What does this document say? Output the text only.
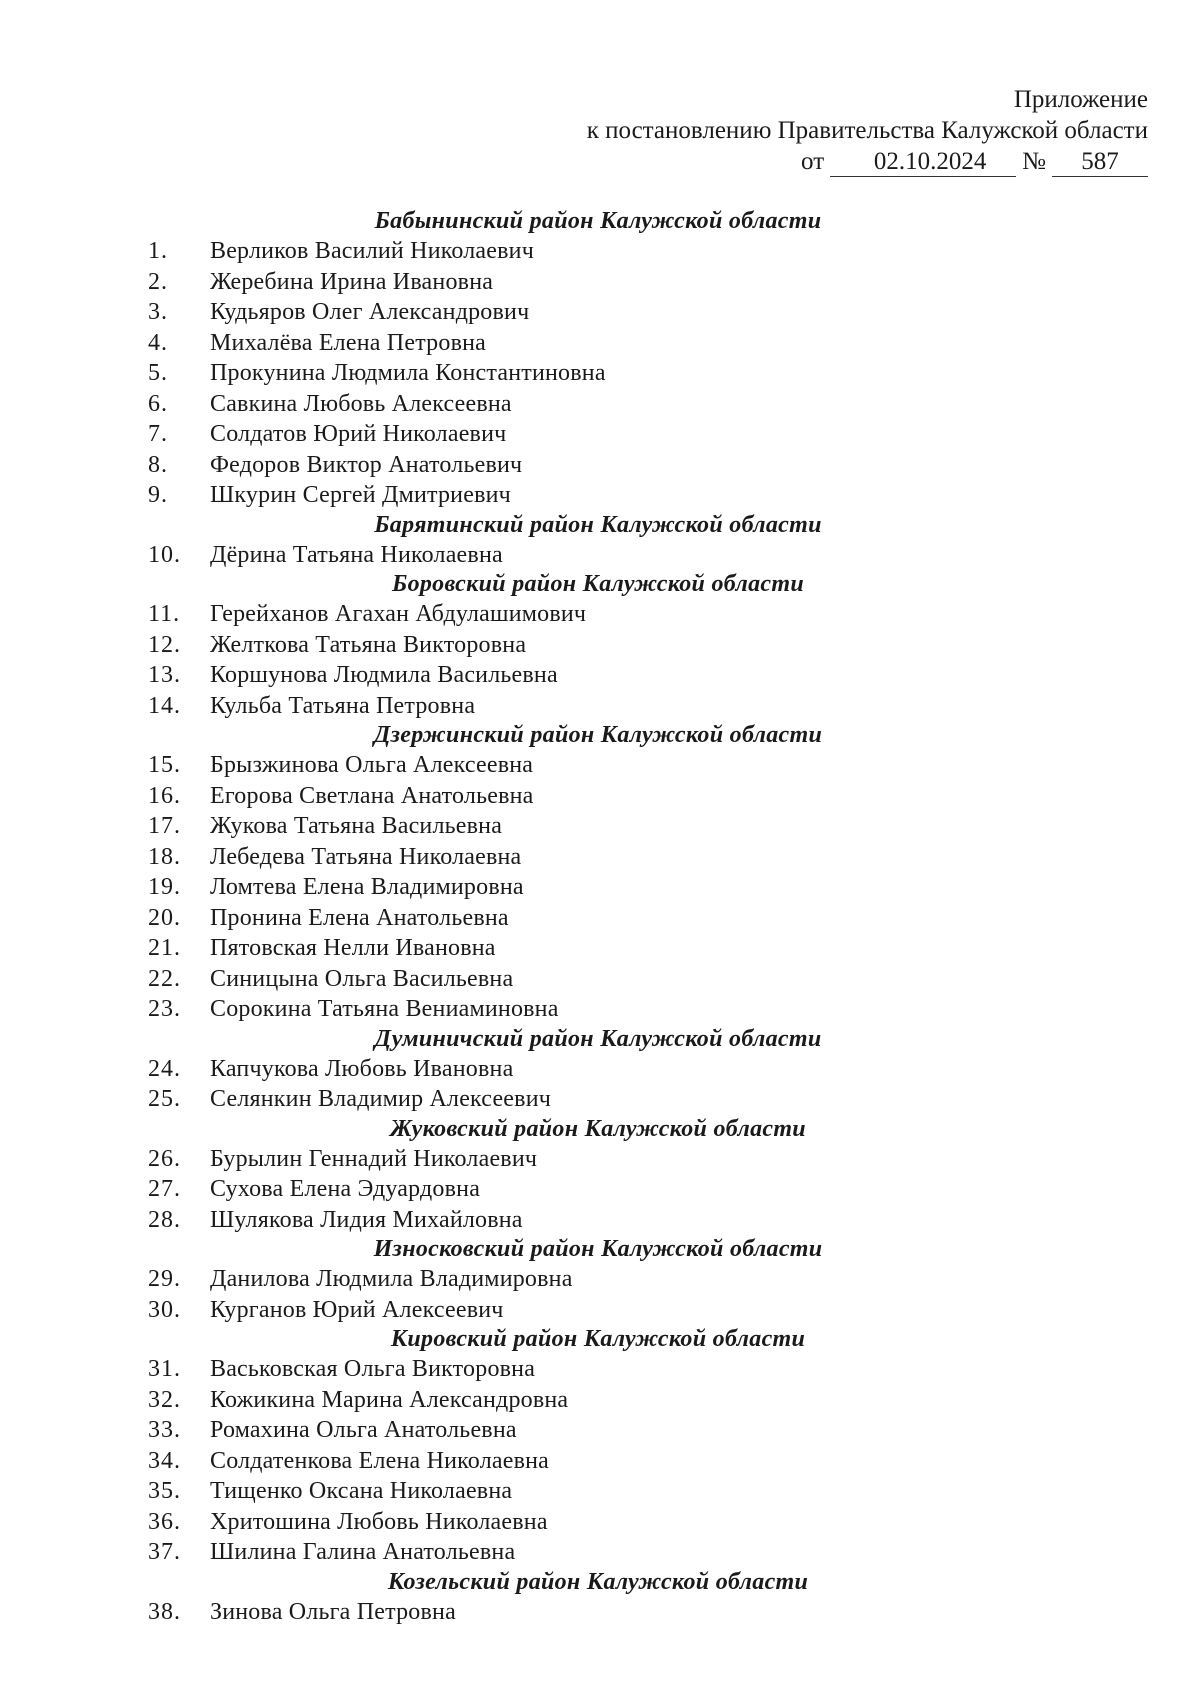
Приложение
к постановлению Правительства Калужской области
от	02.10.2024	№	587
Бабынинский район Калужской области
1.	Верликов Василий Николаевич
2.	Жеребина Ирина Ивановна
3.	Кудьяров Олег Александрович
4.	Михалёва Елена Петровна
5.	Прокунина Людмила Константиновна
6.	Савкина Любовь Алексеевна
7.	Солдатов Юрий Николаевич
8.	Федоров Виктор Анатольевич
9.	Шкурин Сергей Дмитриевич
Барятинский район Калужской области
10.	Дёрина Татьяна Николаевна
Боровский район Калужской области
11.	Герейханов Агахан Абдулашимович
12.	Желткова Татьяна Викторовна
13.	Коршунова Людмила Васильевна
14.	Кульба Татьяна Петровна
Дзержинский район Калужской области
15.	Брызжинова Ольга Алексеевна
16.	Егорова Светлана Анатольевна
17.	Жукова Татьяна Васильевна
18.	Лебедева Татьяна Николаевна
19.	Ломтева Елена Владимировна
20.	Пронина Елена Анатольевна
21.	Пятовская Нелли Ивановна
22.	Синицына Ольга Васильевна
23.	Сорокина Татьяна Вениаминовна
Думиничский район Калужской области
24.	Капчукова Любовь Ивановна
25.	Селянкин Владимир Алексеевич
Жуковский район Калужской области
26.	Бурылин Геннадий Николаевич
27.	Сухова Елена Эдуардовна
28.	Шулякова Лидия Михайловна
Износковский район Калужской области
29.	Данилова Людмила Владимировна
30.	Курганов Юрий Алексеевич
Кировский район Калужской области
31.	Васьковская Ольга Викторовна
32.	Кожикина Марина Александровна
33.	Ромахина Ольга Анатольевна
34.	Солдатенкова Елена Николаевна
35.	Тищенко Оксана Николаевна
36.	Хритошина Любовь Николаевна
37.	Шилина Галина Анатольевна
Козельский район Калужской области
38.	Зинова Ольга Петровна
